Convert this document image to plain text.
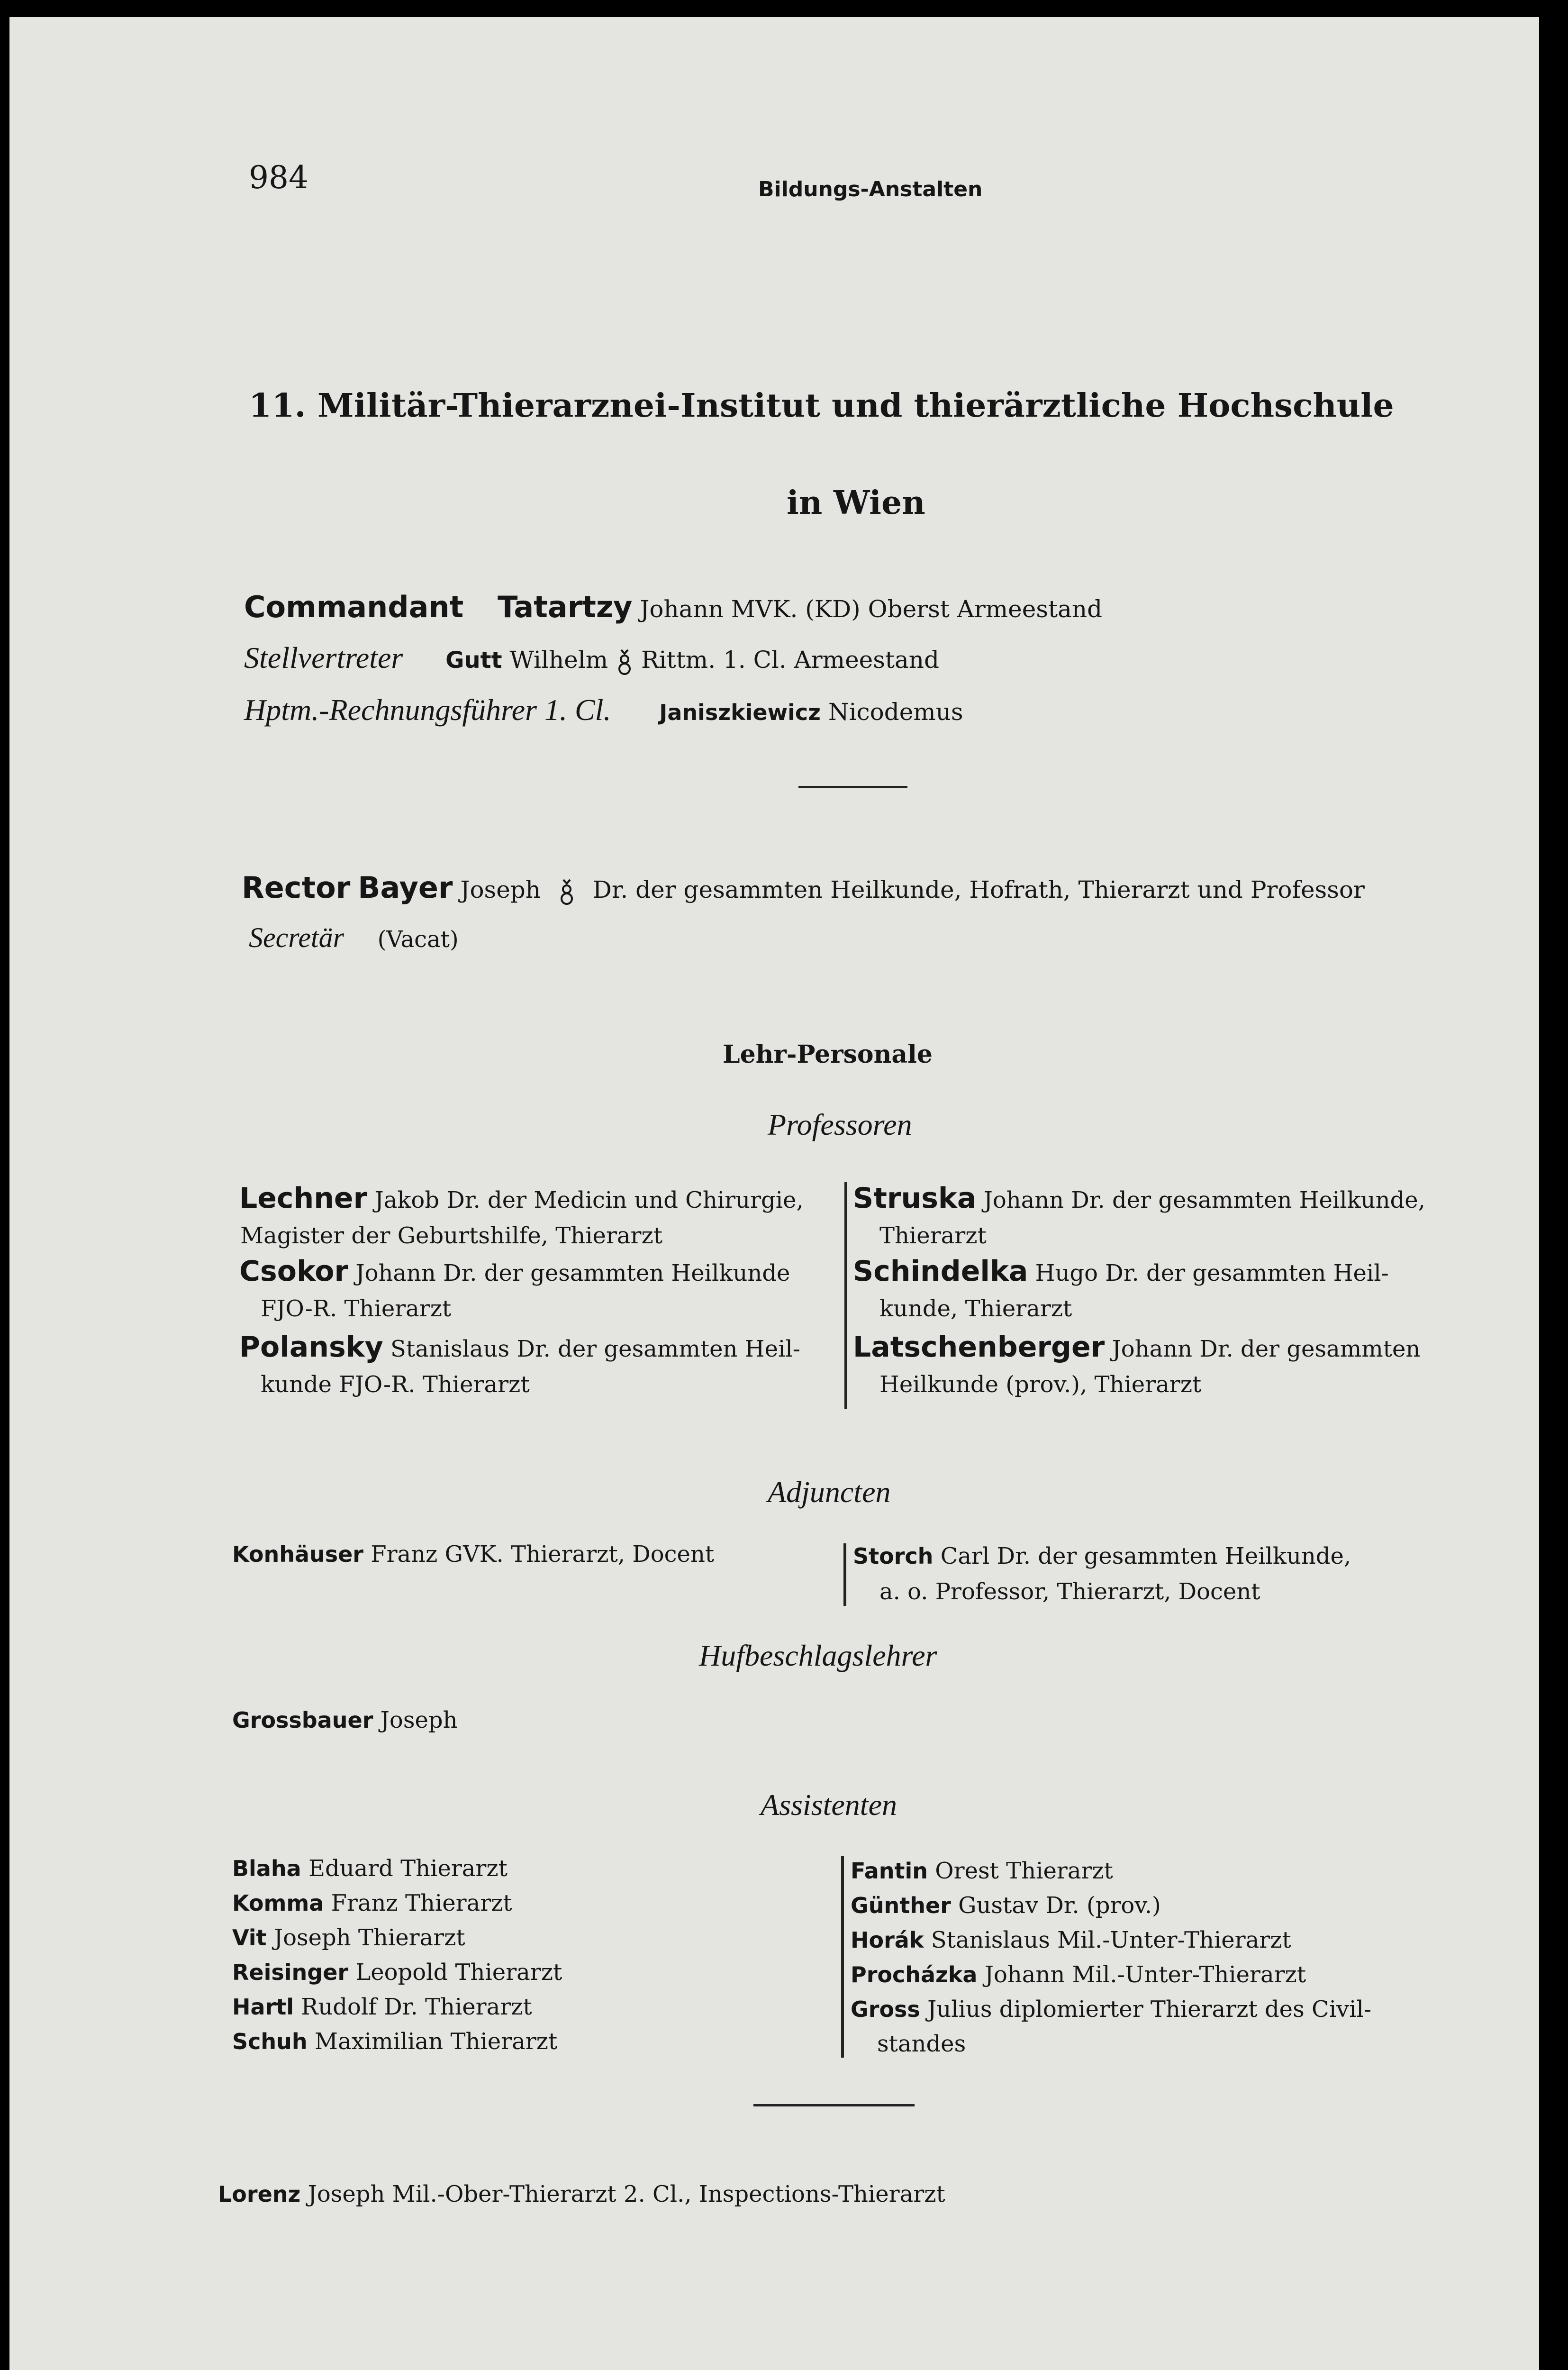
984	Bildungs-Anstalten
11. Militär-Thierarznei-Institut und thierärztliche Hochschule
in Wien
Commandant Tatartzy Johann MVK. (KD) Oberst Armeestand
Stellvertreter Gutt Wilhelm Rittm. 1. Cl. Armeestand
Hptm.-Rechnungsführer 1. Cl. Janiszkiewicz Nicodemus
Rector Bayer Joseph Dr. der gesammten Heilkunde, Hofrath, Thierarzt und Professor
Secretär (Vacat)
Lehr-Personale
Professoren
Lechner Jakob Dr. der Medicin und Chirurgie,
Magister der Geburtshilfe, Thierarzt
Csokor Johann Dr. der gesammten Heilkunde
FJO-R. Thierarzt
Polansky Stanislaus Dr. der gesammten Heil-
kunde FJO-R. Thierarzt
Struska Johann Dr. der gesammten Heilkunde,
Thierarzt
Schindelka Hugo Dr. der gesammten Heil-
kunde, Thierarzt
Latschenberger Johann Dr. der gesammten
Heilkunde (prov.), Thierarzt
Adjuncten
Konhäuser Franz GVK. Thierarzt, Docent	Storch Carl Dr. der gesammten Heilkunde,
a. o. Professor, Thierarzt, Docent
Hufbeschlagslehrer
Grossbauer Joseph
Assistenten
Blaha Eduard Thierarzt
Komma Franz Thierarzt
Vit Joseph Thierarzt
Reisinger Leopold Thierarzt
Hartl Rudolf Dr. Thierarzt
Schuh Maximilian Thierarzt
Fantin Orest Thierarzt
Günther Gustav Dr. (prov.)
Horák Stanislaus Mil.-Unter-Thierarzt
Procházka Johann Mil.-Unter-Thierarzt
Gross Julius diplomierter Thierarzt des Civil-
standes
Lorenz Joseph Mil.-Ober-Thierarzt 2. Cl., Inspections-Thierarzt
